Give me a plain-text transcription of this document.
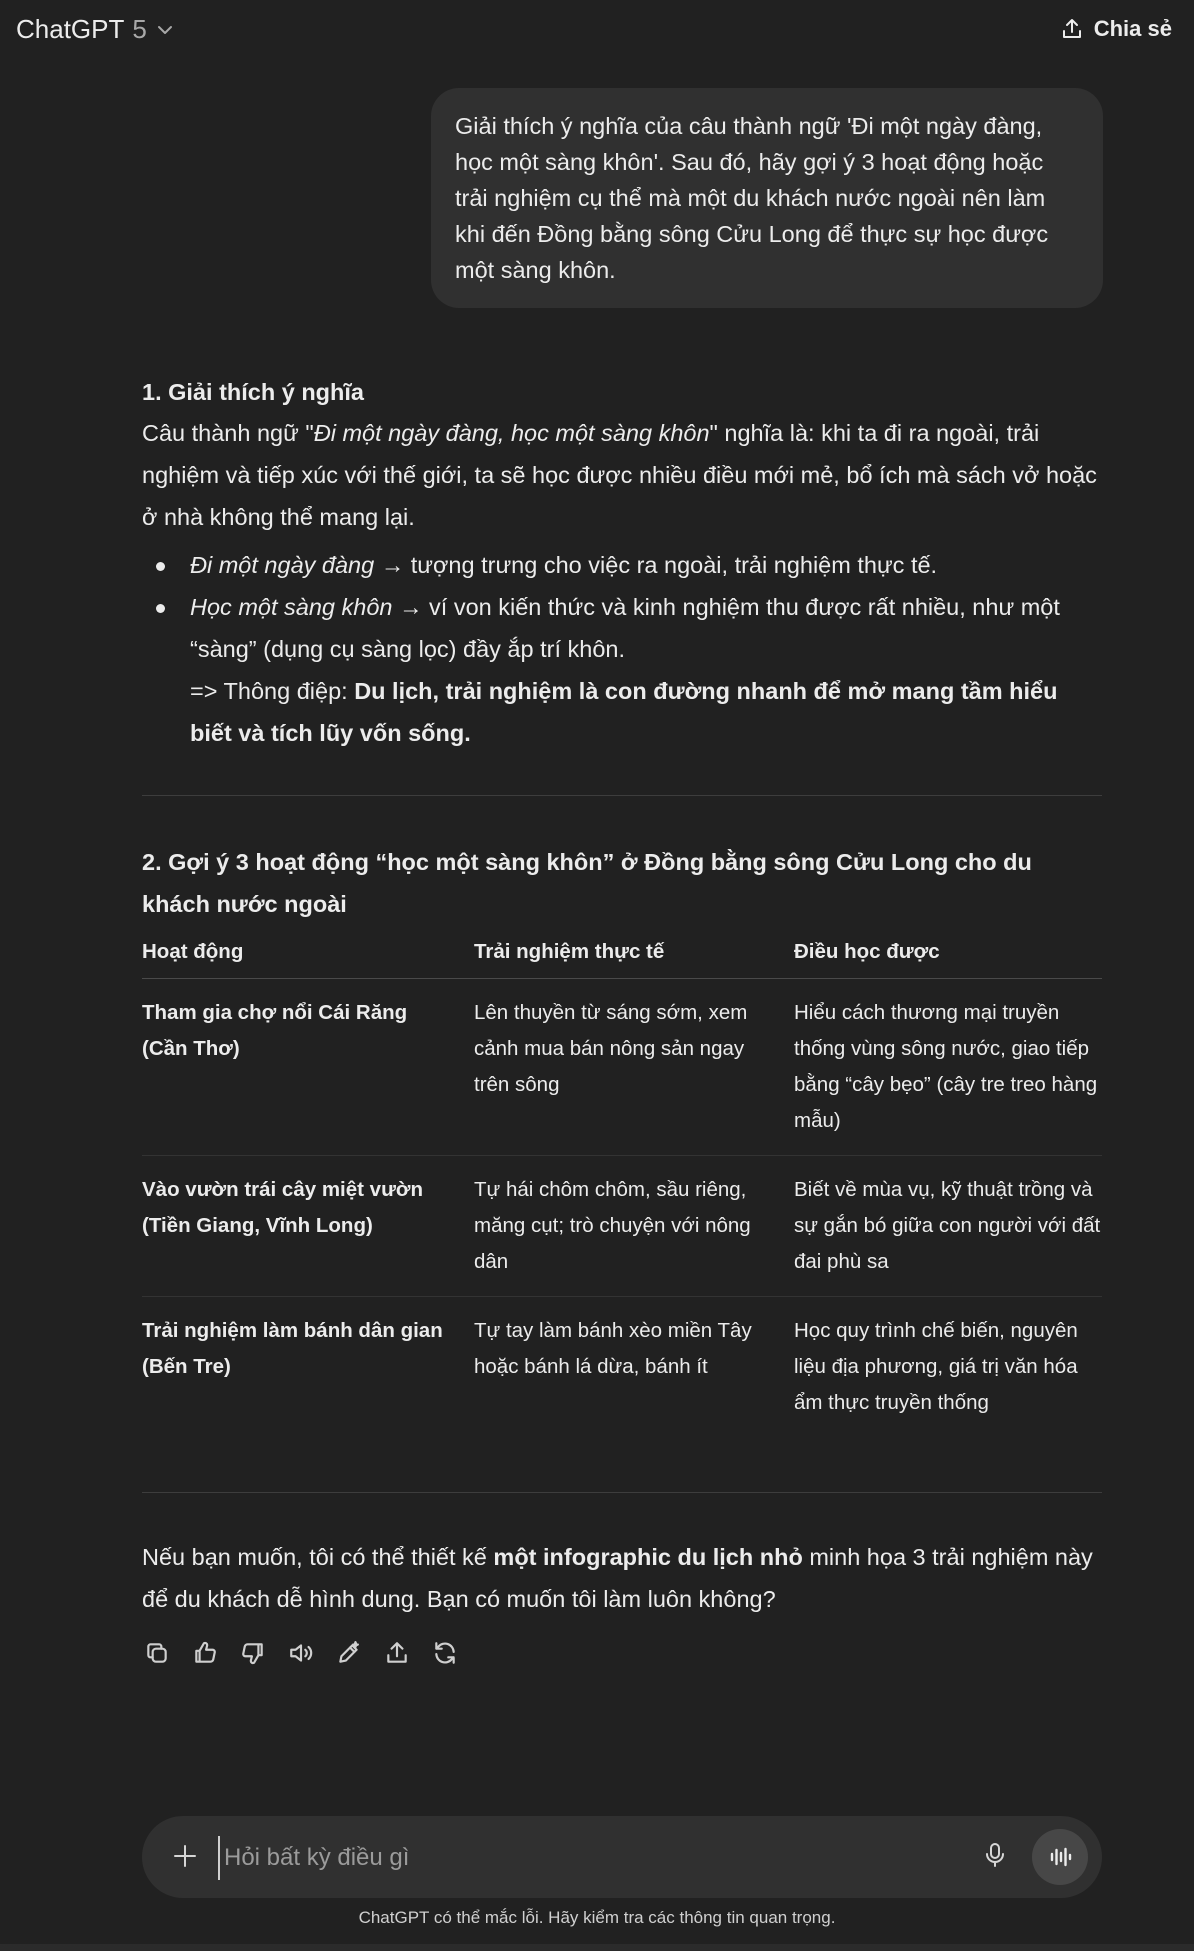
ChatGPT 5	Chia sẻ
Giải thích ý nghĩa của câu thành ngữ 'Đi một ngày đàng, học một sàng khôn'. Sau đó, hãy gợi ý 3 hoạt động hoặc trải nghiệm cụ thể mà một du khách nước ngoài nên làm khi đến Đồng bằng sông Cửu Long để thực sự học được một sàng khôn.
1. Giải thích ý nghĩa
Câu thành ngữ "Đi một ngày đàng, học một sàng khôn" nghĩa là: khi ta đi ra ngoài, trải nghiệm và tiếp xúc với thế giới, ta sẽ học được nhiều điều mới mẻ, bổ ích mà sách vở hoặc ở nhà không thể mang lại.
Đi một ngày đàng → tượng trưng cho việc ra ngoài, trải nghiệm thực tế.
Học một sàng khôn → ví von kiến thức và kinh nghiệm thu được rất nhiều, như một “sàng” (dụng cụ sàng lọc) đầy ắp trí khôn.
=> Thông điệp: Du lịch, trải nghiệm là con đường nhanh để mở mang tầm hiểu biết và tích lũy vốn sống.
2. Gợi ý 3 hoạt động “học một sàng khôn” ở Đồng bằng sông Cửu Long cho du khách nước ngoài
Hoạt động	Trải nghiệm thực tế	Điều học được
Tham gia chợ nổi Cái Răng (Cần Thơ)	Lên thuyền từ sáng sớm, xem cảnh mua bán nông sản ngay trên sông	Hiểu cách thương mại truyền thống vùng sông nước, giao tiếp bằng “cây bẹo” (cây tre treo hàng mẫu)
Vào vườn trái cây miệt vườn (Tiền Giang, Vĩnh Long)	Tự hái chôm chôm, sầu riêng, măng cụt; trò chuyện với nông dân	Biết về mùa vụ, kỹ thuật trồng và sự gắn bó giữa con người với đất đai phù sa
Trải nghiệm làm bánh dân gian (Bến Tre)	Tự tay làm bánh xèo miền Tây hoặc bánh lá dừa, bánh ít	Học quy trình chế biến, nguyên liệu địa phương, giá trị văn hóa ẩm thực truyền thống
Nếu bạn muốn, tôi có thể thiết kế một infographic du lịch nhỏ minh họa 3 trải nghiệm này để du khách dễ hình dung. Bạn có muốn tôi làm luôn không?
Hỏi bất kỳ điều gì
ChatGPT có thể mắc lỗi. Hãy kiểm tra các thông tin quan trọng.
